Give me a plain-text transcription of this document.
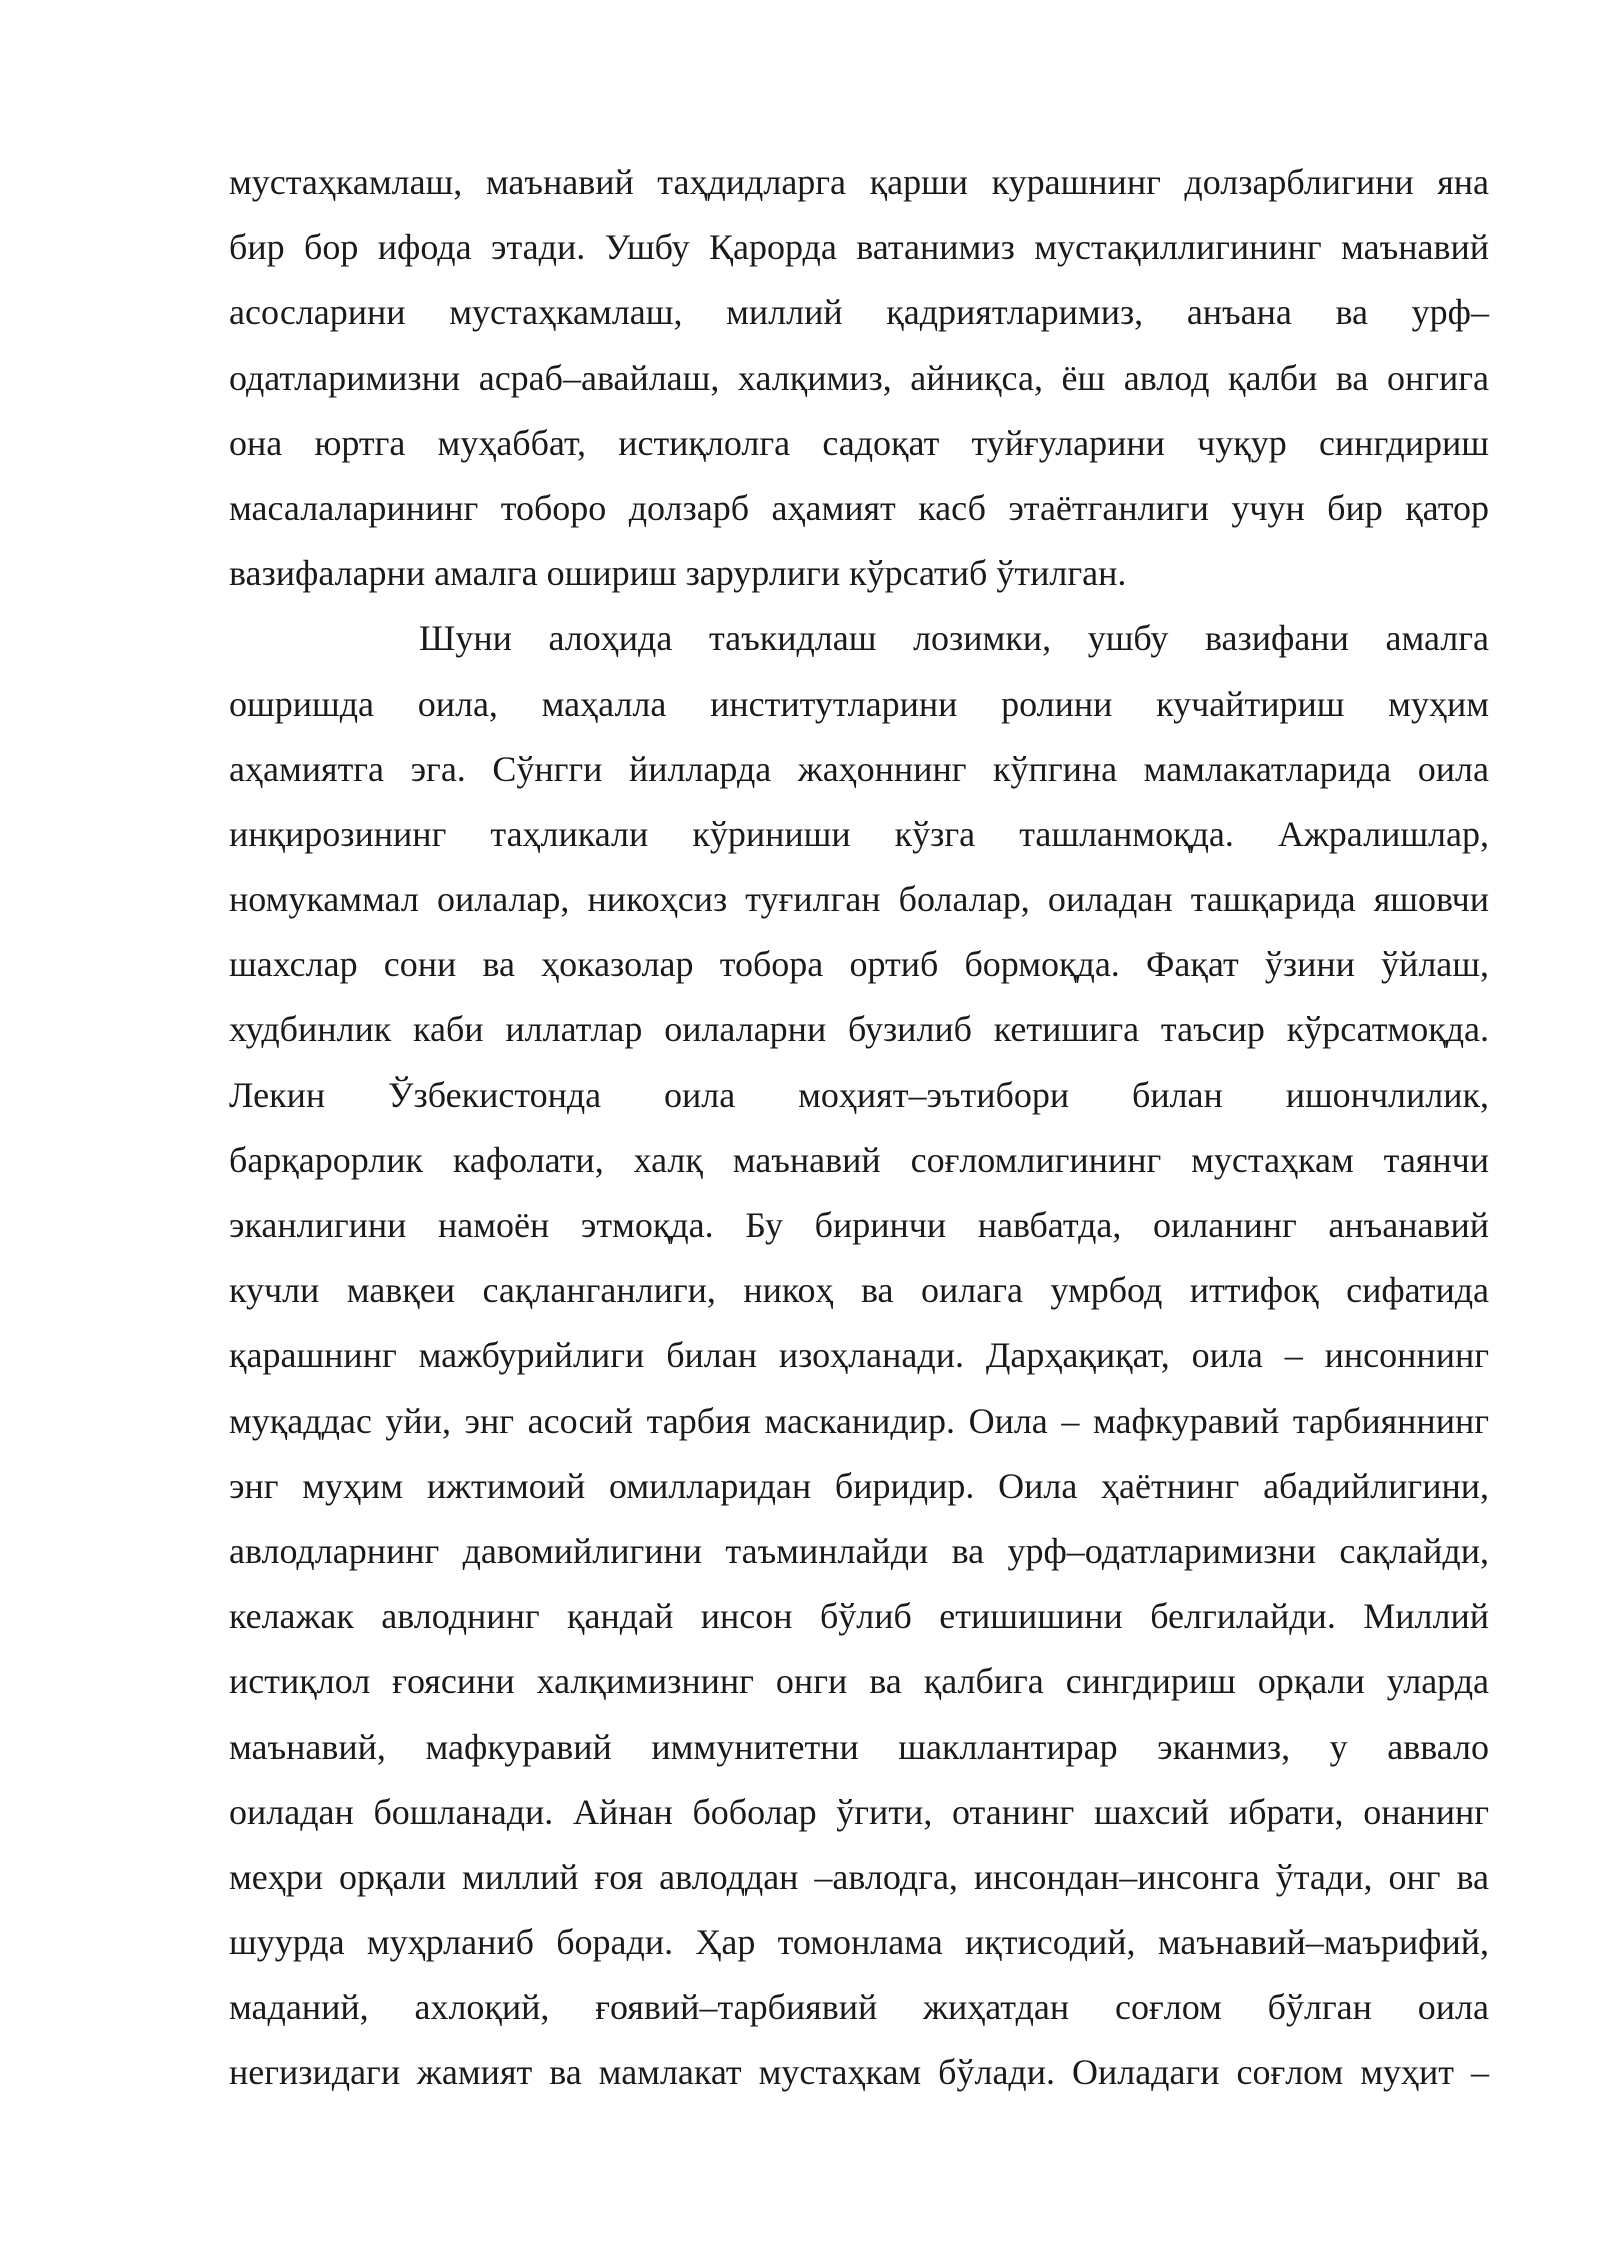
мустаҳкамлаш, маънавий таҳдидларга қарши курашнинг долзарблигини яна
бир бор ифода этади. Ушбу Қарорда ватанимиз мустақиллигининг маънавий
асосларини мустаҳкамлаш, миллий қадриятларимиз, анъана ва урф–
одатларимизни асраб–авайлаш, халқимиз, айниқса, ёш авлод қалби ва онгига
она юртга муҳаббат, истиқлолга садоқат туйғуларини чуқур сингдириш
масалаларининг тоборо долзарб аҳамият касб этаётганлиги учун бир қатор
вазифаларни амалга ошириш зарурлиги кўрсатиб ўтилган.
Шуни алоҳида таъкидлаш лозимки, ушбу вазифани амалга
ошришда оила, маҳалла институтларини ролини кучайтириш муҳим
аҳамиятга эга. Сўнгги йилларда жаҳоннинг кўпгина мамлакатларида оила
инқирозининг таҳликали кўриниши кўзга ташланмоқда. Ажралишлар,
номукаммал оилалар, никоҳсиз туғилган болалар, оиладан ташқарида яшовчи
шахслар сони ва ҳоказолар тобора ортиб бормоқда. Фақат ўзини ўйлаш,
худбинлик каби иллатлар оилаларни бузилиб кетишига таъсир кўрсатмоқда.
Лекин Ўзбекистонда оила моҳият–эътибори билан ишончлилик,
барқарорлик кафолати, халқ маънавий соғломлигининг мустаҳкам таянчи
эканлигини намоён этмоқда. Бу биринчи навбатда, оиланинг анъанавий
кучли мавқеи сақланганлиги, никоҳ ва оилага умрбод иттифоқ сифатида
қарашнинг мажбурийлиги билан изоҳланади. Дарҳақиқат, оила – инсоннинг
муқаддас уйи, энг асосий тарбия масканидир. Оила – мафкуравий тарбияннинг
энг муҳим ижтимоий омилларидан биридир. Оила ҳаётнинг абадийлигини,
авлодларнинг давомийлигини таъминлайди ва урф–одатларимизни сақлайди,
келажак авлоднинг қандай инсон бўлиб етишишини белгилайди. Миллий
истиқлол ғоясини халқимизнинг онги ва қалбига сингдириш орқали уларда
маънавий, мафкуравий иммунитетни шакллантирар эканмиз, у аввало
оиладан бошланади. Айнан боболар ўгити, отанинг шахсий ибрати, онанинг
меҳри орқали миллий ғоя авлоддан –авлодга, инсондан–инсонга ўтади, онг ва
шуурда муҳрланиб боради. Ҳар томонлама иқтисодий, маънавий–маърифий,
маданий, ахлоқий, ғоявий–тарбиявий жиҳатдан соғлом бўлган оила
негизидаги жамият ва мамлакат мустаҳкам бўлади. Оиладаги соғлом муҳит –
